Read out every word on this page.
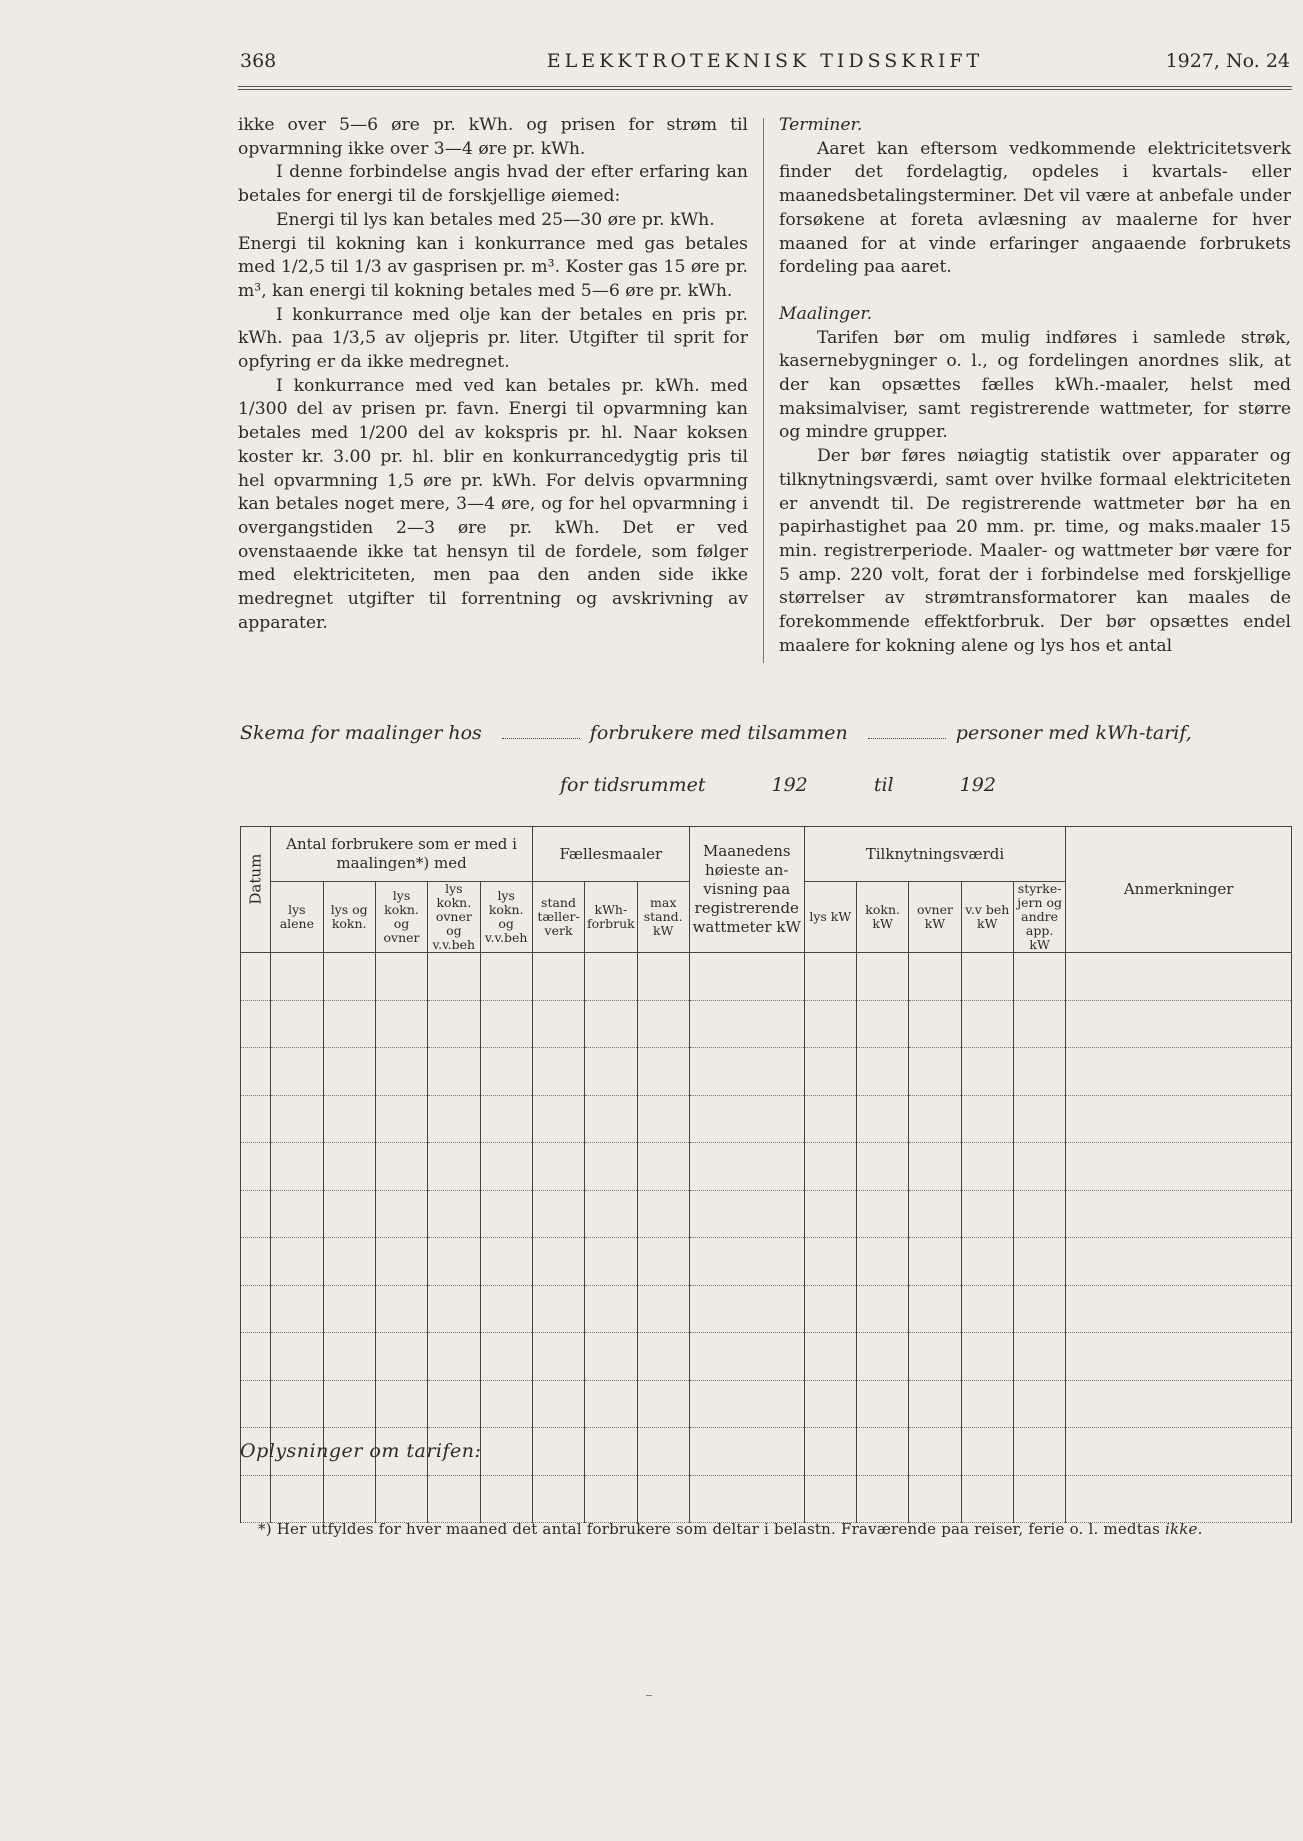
368	ELEKKTROTEKNISK TIDSSKRIFT	1927, No. 24

ikke over 5—6 øre pr. kWh. og prisen for strøm til opvarmning ikke over 3—4 øre pr. kWh.

I denne forbindelse angis hvad der efter erfaring kan betales for energi til de forskjellige øiemed:

Energi til lys kan betales med 25—30 øre pr. kWh.

Energi til kokning kan i konkurrance med gas betales med 1/2,5 til 1/3 av gasprisen pr. m³. Koster gas 15 øre pr. m³, kan energi til kokning betales med 5—6 øre pr. kWh.

I konkurrance med olje kan der betales en pris pr. kWh. paa 1/3,5 av oljepris pr. liter. Utgifter til sprit for opfyring er da ikke medregnet.

I konkurrance med ved kan betales pr. kWh. med 1/300 del av prisen pr. favn. Energi til opvarmning kan betales med 1/200 del av kokspris pr. hl. Naar koksen koster kr. 3.00 pr. hl. blir en konkurrancedygtig pris til hel opvarmning 1,5 øre pr. kWh. For delvis opvarmning kan betales noget mere, 3—4 øre, og for hel opvarmning i overgangstiden 2—3 øre pr. kWh. Det er ved ovenstaaende ikke tat hensyn til de fordele, som følger med elektriciteten, men paa den anden side ikke medregnet utgifter til forrentning og avskrivning av apparater.

Terminer.

Aaret kan eftersom vedkommende elektricitetsverk finder det fordelagtig, opdeles i kvartals- eller maanedsbetalingsterminer. Det vil være at anbefale under forsøkene at foreta avlæsning av maalerne for hver maaned for at vinde erfaringer angaaende forbrukets fordeling paa aaret.

Maalinger.

Tarifen bør om mulig indføres i samlede strøk, kasernebygninger o. l., og fordelingen anordnes slik, at der kan opsættes fælles kWh.-maaler, helst med maksimalviser, samt registrerende wattmeter, for større og mindre grupper.

Der bør føres nøiagtig statistik over apparater og tilknytningsværdi, samt over hvilke formaal elektriciteten er anvendt til. De registrerende wattmeter bør ha en papirhastighet paa 20 mm. pr. time, og maks.maaler 15 min. registrerperiode. Maaler- og wattmeter bør være for 5 amp. 220 volt, forat der i forbindelse med forskjellige størrelser av strømtransformatorer kan maales de forekommende effektforbruk. Der bør opsættes endel maalere for kokning alene og lys hos et antal

Skema for maalinger hos	forbrukere med tilsammen	personer med kWh-tarif,
for tidsrummet	192	til	192
Datum	Antal forbrukere som er med i maalingen*) med					Fællesmaaler			Maanedens høieste an-visning paa registrerende wattmeter kW	Tilknytningsværdi					Anmerkninger
	lys alene	lys og kokn.	lys kokn. og ovner	lys kokn. ovner og v.v.beh	lys kokn. og v.v.beh	stand tæller-verk	kWh-forbruk	max stand. kW		lys kW	kokn. kW	ovner kW	v.v beh kW	styrke-jern og andre app. kW	

Oplysninger om tarifen:
*) Her utfyldes for hver maaned det antal forbrukere som deltar i belastn. Fraværende paa reiser, ferie o. l. medtas ikke.
